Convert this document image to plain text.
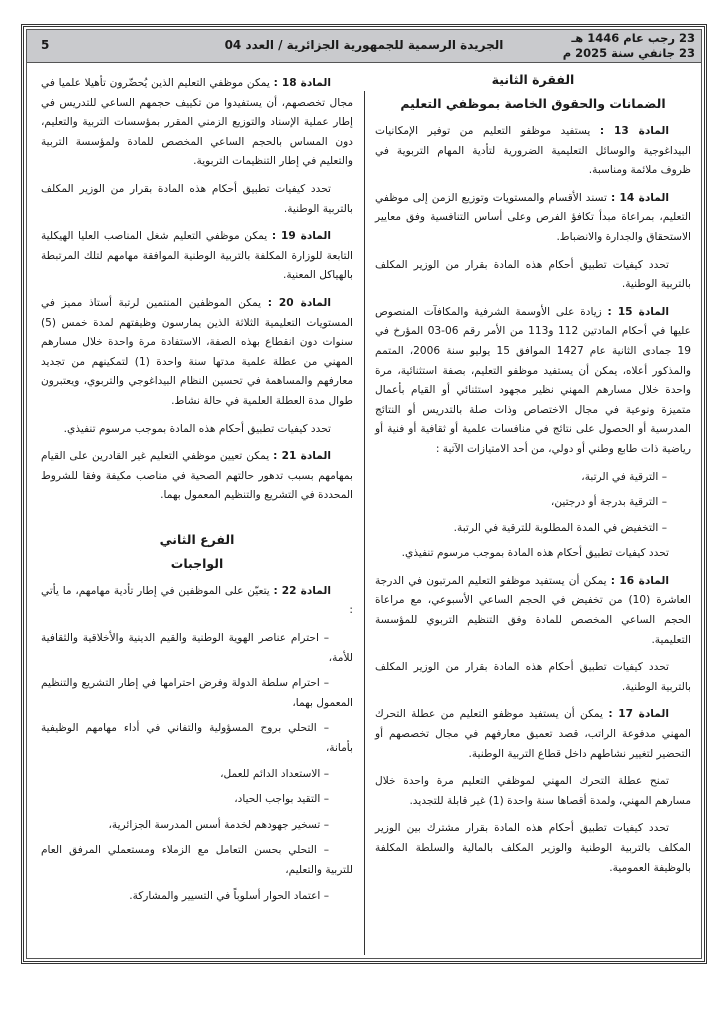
23 رجب عام 1446 هـ
23 جانفي سنة 2025 م
الجريدة الرسمية للجمهورية الجزائرية / العدد 04
5
الفقرة الثانية
الضمانات والحقوق الخاصة بموظفي التعليم

المادة 13 : يستفيد موظفو التعليم من توفير الإمكانيات البيداغوجية والوسائل التعليمية الضرورية لتأدية المهام التربوية في ظروف ملائمة ومناسبة.

المادة 14 : تسند الأقسام والمستويات وتوزيع الزمن إلى موظفي التعليم، بمراعاة مبدأ تكافؤ الفرص وعلى أساس التنافسية وفق معايير الاستحقاق والجدارة والانضباط.

تحدد كيفيات تطبيق أحكام هذه المادة بقرار من الوزير المكلف بالتربية الوطنية.

المادة 15 : زيادة على الأوسمة الشرفية والمكافآت المنصوص عليها في أحكام المادتين 112 و113 من الأمر رقم 06-03 المؤرخ في 19 جمادى الثانية عام 1427 الموافق 15 يوليو سنة 2006، المتمم والمذكور أعلاه، يمكن أن يستفيد موظفو التعليم، بصفة استثنائية، مرة واحدة خلال مسارهم المهني نظير مجهود استثنائي أو القيام بأعمال متميزة ونوعية في مجال الاختصاص وذات صلة بالتدريس أو النتائج المدرسية أو الحصول على نتائج في منافسات علمية أو ثقافية أو فنية أو رياضية ذات طابع وطني أو دولي، من أحد الامتيازات الآتية :

– الترقية في الرتبة،

– الترقية بدرجة أو درجتين،

– التخفيض في المدة المطلوبة للترقية في الرتبة.

تحدد كيفيات تطبيق أحكام هذه المادة بموجب مرسوم تنفيذي.

المادة 16 : يمكن أن يستفيد موظفو التعليم المرتبون في الدرجة العاشرة (10) من تخفيض في الحجم الساعي الأسبوعي، مع مراعاة الحجم الساعي المخصص للمادة وفق التنظيم التربوي للمؤسسة التعليمية.

تحدد كيفيات تطبيق أحكام هذه المادة بقرار من الوزير المكلف بالتربية الوطنية.

المادة 17 : يمكن أن يستفيد موظفو التعليم من عطلة التحرك المهني مدفوعة الراتب، قصد تعميق معارفهم في مجال تخصصهم أو التحضير لتغيير نشاطهم داخل قطاع التربية الوطنية.

تمنح عطلة التحرك المهني لموظفي التعليم مرة واحدة خلال مسارهم المهني، ولمدة أقصاها سنة واحدة (1) غير قابلة للتجديد.

تحدد كيفيات تطبيق أحكام هذه المادة بقرار مشترك بين الوزير المكلف بالتربية الوطنية والوزير المكلف بالمالية والسلطة المكلفة بالوظيفة العمومية.

المادة 18 : يمكن موظفي التعليم الذين يُحضّرون تأهيلا علميا في مجال تخصصهم، أن يستفيدوا من تكييف حجمهم الساعي للتدريس في إطار عملية الإسناد والتوزيع الزمني المقرر بمؤسسات التربية والتعليم، دون المساس بالحجم الساعي المخصص للمادة ولمؤسسة التربية والتعليم في إطار التنظيمات التربوية.

تحدد كيفيات تطبيق أحكام هذه المادة بقرار من الوزير المكلف بالتربية الوطنية.

المادة 19 : يمكن موظفي التعليم شغل المناصب العليا الهيكلية التابعة للوزارة المكلفة بالتربية الوطنية الموافقة مهامهم لتلك المرتبطة بالهياكل المعنية.

المادة 20 : يمكن الموظفين المنتمين لرتبة أستاذ مميز في المستويات التعليمية الثلاثة الذين يمارسون وظيفتهم لمدة خمس (5) سنوات دون انقطاع بهذه الصفة، الاستفادة مرة واحدة خلال مسارهم المهني من عطلة علمية مدتها سنة واحدة (1) لتمكينهم من تجديد معارفهم والمساهمة في تحسين النظام البيداغوجي والتربوي، ويعتبرون طوال مدة العطلة العلمية في حالة نشاط.

تحدد كيفيات تطبيق أحكام هذه المادة بموجب مرسوم تنفيذي.

المادة 21 : يمكن تعيين موظفي التعليم غير القادرين على القيام بمهامهم بسبب تدهور حالتهم الصحية في مناصب مكيفة وفقا للشروط المحددة في التشريع والتنظيم المعمول بهما.

الفرع الثاني
الواجبات

المادة 22 : يتعيّن على الموظفين في إطار تأدية مهامهم، ما يأتي :

– احترام عناصر الهوية الوطنية والقيم الدينية والأخلاقية والثقافية للأمة،

– احترام سلطة الدولة وفرض احترامها في إطار التشريع والتنظيم المعمول بهما،

– التحلي بروح المسؤولية والتفاني في أداء مهامهم الوظيفية بأمانة،

– الاستعداد الدائم للعمل،

– التقيد بواجب الحياد،

– تسخير جهودهم لخدمة أسس المدرسة الجزائرية،

– التحلي بحسن التعامل مع الزملاء ومستعملي المرفق العام للتربية والتعليم،

– اعتماد الحوار أسلوباً في التسيير والمشاركة.
